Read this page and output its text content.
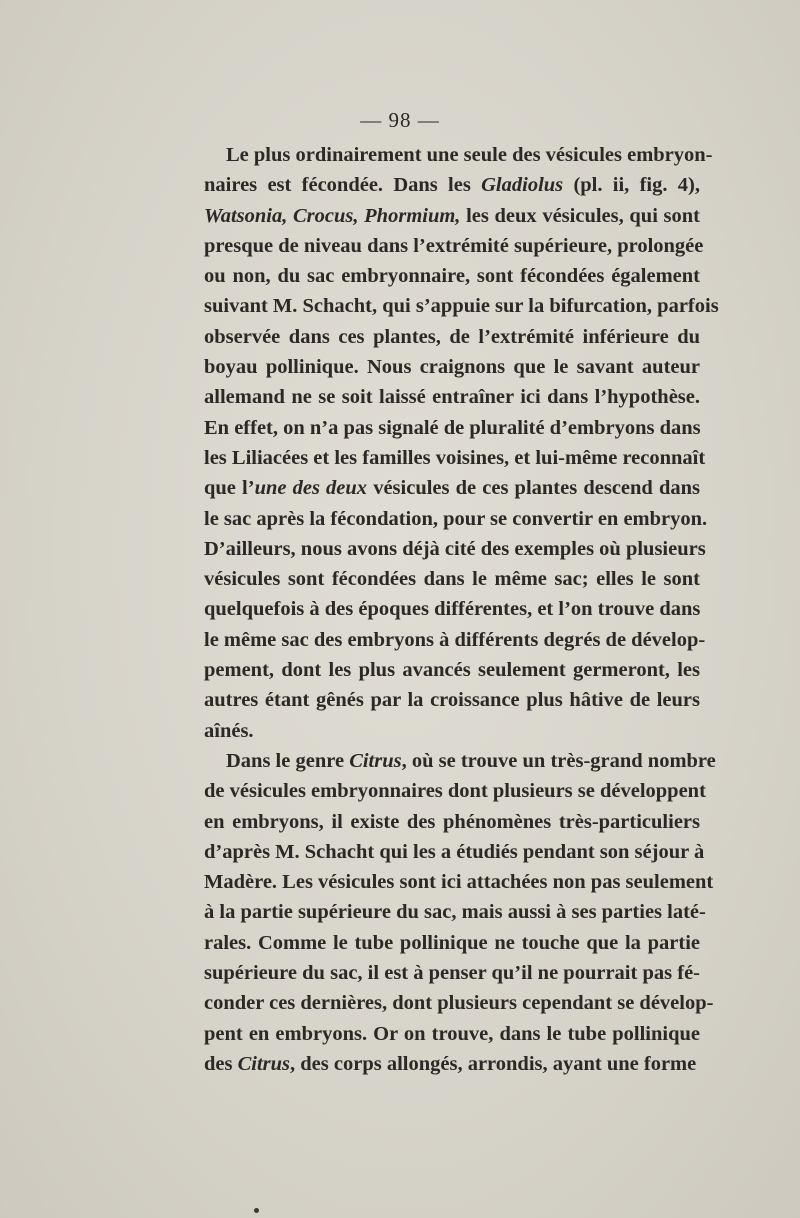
— 98 —
Le plus ordinairement une seule des vésicules embryon-
naires est fécondée. Dans les Gladiolus (pl. ii, fig. 4),
Watsonia, Crocus, Phormium, les deux vésicules, qui sont
presque de niveau dans l’extrémité supérieure, prolongée
ou non, du sac embryonnaire, sont fécondées également
suivant M. Schacht, qui s’appuie sur la bifurcation, parfois
observée dans ces plantes, de l’extrémité inférieure du
boyau pollinique. Nous craignons que le savant auteur
allemand ne se soit laissé entraîner ici dans l’hypothèse.
En effet, on n’a pas signalé de pluralité d’embryons dans
les Liliacées et les familles voisines, et lui-même reconnaît
que l’une des deux vésicules de ces plantes descend dans
le sac après la fécondation, pour se convertir en embryon.
D’ailleurs, nous avons déjà cité des exemples où plusieurs
vésicules sont fécondées dans le même sac; elles le sont
quelquefois à des époques différentes, et l’on trouve dans
le même sac des embryons à différents degrés de dévelop-
pement, dont les plus avancés seulement germeront, les
autres étant gênés par la croissance plus hâtive de leurs
aînés.
Dans le genre Citrus, où se trouve un très-grand nombre
de vésicules embryonnaires dont plusieurs se développent
en embryons, il existe des phénomènes très-particuliers
d’après M. Schacht qui les a étudiés pendant son séjour à
Madère. Les vésicules sont ici attachées non pas seulement
à la partie supérieure du sac, mais aussi à ses parties laté-
rales. Comme le tube pollinique ne touche que la partie
supérieure du sac, il est à penser qu’il ne pourrait pas fé-
conder ces dernières, dont plusieurs cependant se dévelop-
pent en embryons. Or on trouve, dans le tube pollinique
des Citrus, des corps allongés, arrondis, ayant une forme
